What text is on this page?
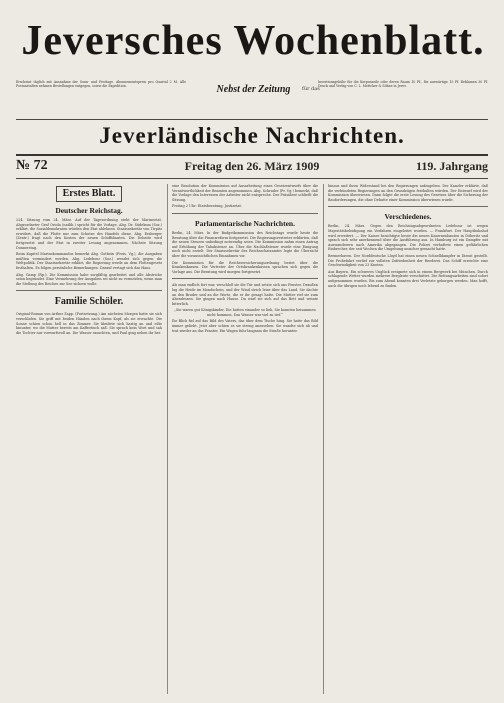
Jeversches Wochenblatt.
Erscheint täglich mit Ausnahme der Sonn- und Festtage. Abonnementspreis pro Quartal 2 M. Alle Postanstalten nehmen Bestellungen entgegen, sowie die Expedition.	Nebst der Zeitung	für das
Insertionsgebühr für die Korpuszeile oder deren Raum 10 Pf., für auswärtige 15 Pf. Reklamen 30 Pf. Druck und Verlag von C. L. Mettcker & Söhne in Jever.
Jeverländische Nachrichten.
№ 72	Freitag den 26. März 1909	119. Jahrgang
Erstes Blatt.
Deutscher Reichstag.
224. Sitzung vom 24. März. Auf der Tagesordnung steht der Marineetat. Abgeordneter Graf Oriola (natlib.) spricht für die Vorlage. Abg. Dr. Südekum (Soz.) erklärt, die Sozialdemokraten würden den Etat ablehnen. Staatssekretär von Tirpitz erwidert, daß die Flotte nur zum Schutze des Handels diene. Abg. Erzberger (Zentr.) fragt nach den Kosten der neuen Schiffsbauten. Die Debatte wird fortgesetzt und der Etat in zweiter Lesung angenommen. Nächste Sitzung Donnerstag.
Beim Kapitel Marinekommandos bemerkt Abg. Gothein (Freis. Vg.), die Ausgaben müßten vermindert werden. Abg. Ledebour (Soz.) wendet sich gegen die Weltpolitik. Der Staatssekretär erklärt, die Regierung werde an dem Flottengesetz festhalten. Es folgen persönliche Bemerkungen. Darauf vertagt sich das Haus.
Abg. Gamp (Rp.): Die Kommission habe sorgfältig gearbeitet und alle Abstriche seien begründet. Eine Vermehrung der Ausgaben sei nicht zu vermeiden, wenn man die Stellung des Reiches zur See sichern wolle.
Familie Schöler.
Original-Roman von Arthur Zapp. (Fortsetzung.) Am nächsten Morgen hatte sie sich verschlafen. Sie griff mit beiden Händen nach ihrem Kopf, als sie erwachte. Die Sonne schien schon hell in das Zimmer. Sie kleidete sich hastig an und eilte hinunter, wo die Mutter bereits am Kaffeetisch saß. Sie sprach kein Wort und sah die Tochter nur vorwurfsvoll an. Die Wasser rauschten, und Paul ging neben ihr her.
eine Resolution der Kommission auf Ausarbeitung eines Gesetzentwurfs über die Verantwortlichkeit der Beamten angenommen. Abg. Schrader (Fr. Vg.) bemerkt, daß die Vorlage den Interessen der Arbeiter nicht entspreche. Der Präsident schließt die Sitzung.
Freitag 2 Uhr: Etatsberatung, Justizetat.
Parlamentarische Nachrichten.
Berlin, 24. März. In der Budgetkommission des Reichstags wurde heute die Beratung über die Finanzreform fortgesetzt. Die Regierungsvertreter erklärten, daß die neuen Steuern unbedingt notwendig seien. Die Kommission nahm einen Antrag auf Erhöhung der Tabaksteuer an. Über die Nachlaßsteuer wurde eine Einigung noch nicht erzielt. Der Staatssekretär des Reichsschatzamtes legte die Übersicht über die voraussichtlichen Einnahmen vor.
Die Kommission für die Reichsversicherungsordnung beriet über die Krankenkassen. Die Vertreter der Ortskrankenkassen sprachen sich gegen die Vorlage aus. Die Beratung wird morgen fortgesetzt.
Als man endlich fort war, verschloß sie die Tür und setzte sich ans Fenster. Draußen lag die Heide im Mondschein, und der Wind strich leise über das Land. Sie dachte an den Bruder und an die Worte, die er ihr gesagt hatte. Die Mutter rief sie zum Abendessen. Sie gingen nach Hause. Da warf sie sich auf das Bett und weinte bitterlich.
„Sie waren gut Königskinder, Die hatten einander so lieb, Sie konnten beisammen nicht kommen, Das Wasser war viel zu tief.“
Ihr Blick fiel auf das Bild des Vaters, das über dem Tische hing. Sie hatte das Bild immer geliebt. Jetzt aber schien es sie streng anzusehen. Sie wandte sich ab und trat wieder an das Fenster. Ein Wagen fuhr langsam die Straße herunter.
hinaus und ihren Widerstand bei den Regierungen aufzugeben. Der Kanzler erklärte, daß die verbündeten Regierungen an den Grundzügen festhalten würden. Der Entwurf wird der Kommission überwiesen. Dann folgte die erste Lesung des Gesetzes über die Sicherung der Bauforderungen, die ohne Debatte einer Kommission überwiesen wurde.
Verschiedenes.
Berlin, 24. März. Gegen den Reichstagsabgeordneten Ledebour ist wegen Majestätsbeleidigung ein Verfahren eingeleitet worden. — Frankfurt. Der Hauptbahnhof wird erweitert. — Der Kaiser besichtigte heute die neuen Kasernenbauten in Döberitz und sprach sich sehr anerkennend über die Ausführung aus. In Hamburg ist ein Dampfer mit Auswanderern nach Amerika abgegangen. Die Polizei verhaftete einen gefährlichen Einbrecher, der seit Wochen die Umgebung unsicher gemacht hatte.
Bremerhaven. Der Norddeutsche Lloyd hat einen neuen Schnelldampfer in Dienst gestellt. Die Probefahrt verlief zur vollsten Zufriedenheit der Reederei. Das Schiff erreichte eine Geschwindigkeit von 23 Knoten.
Aus Bayern. Ein schweres Unglück ereignete sich in einem Bergwerk bei München. Durch schlagende Wetter wurden mehrere Bergleute verschüttet. Die Rettungsarbeiten sind sofort aufgenommen worden. Bis zum Abend konnten drei Verletzte geborgen werden. Man hofft, auch die übrigen noch lebend zu finden.
